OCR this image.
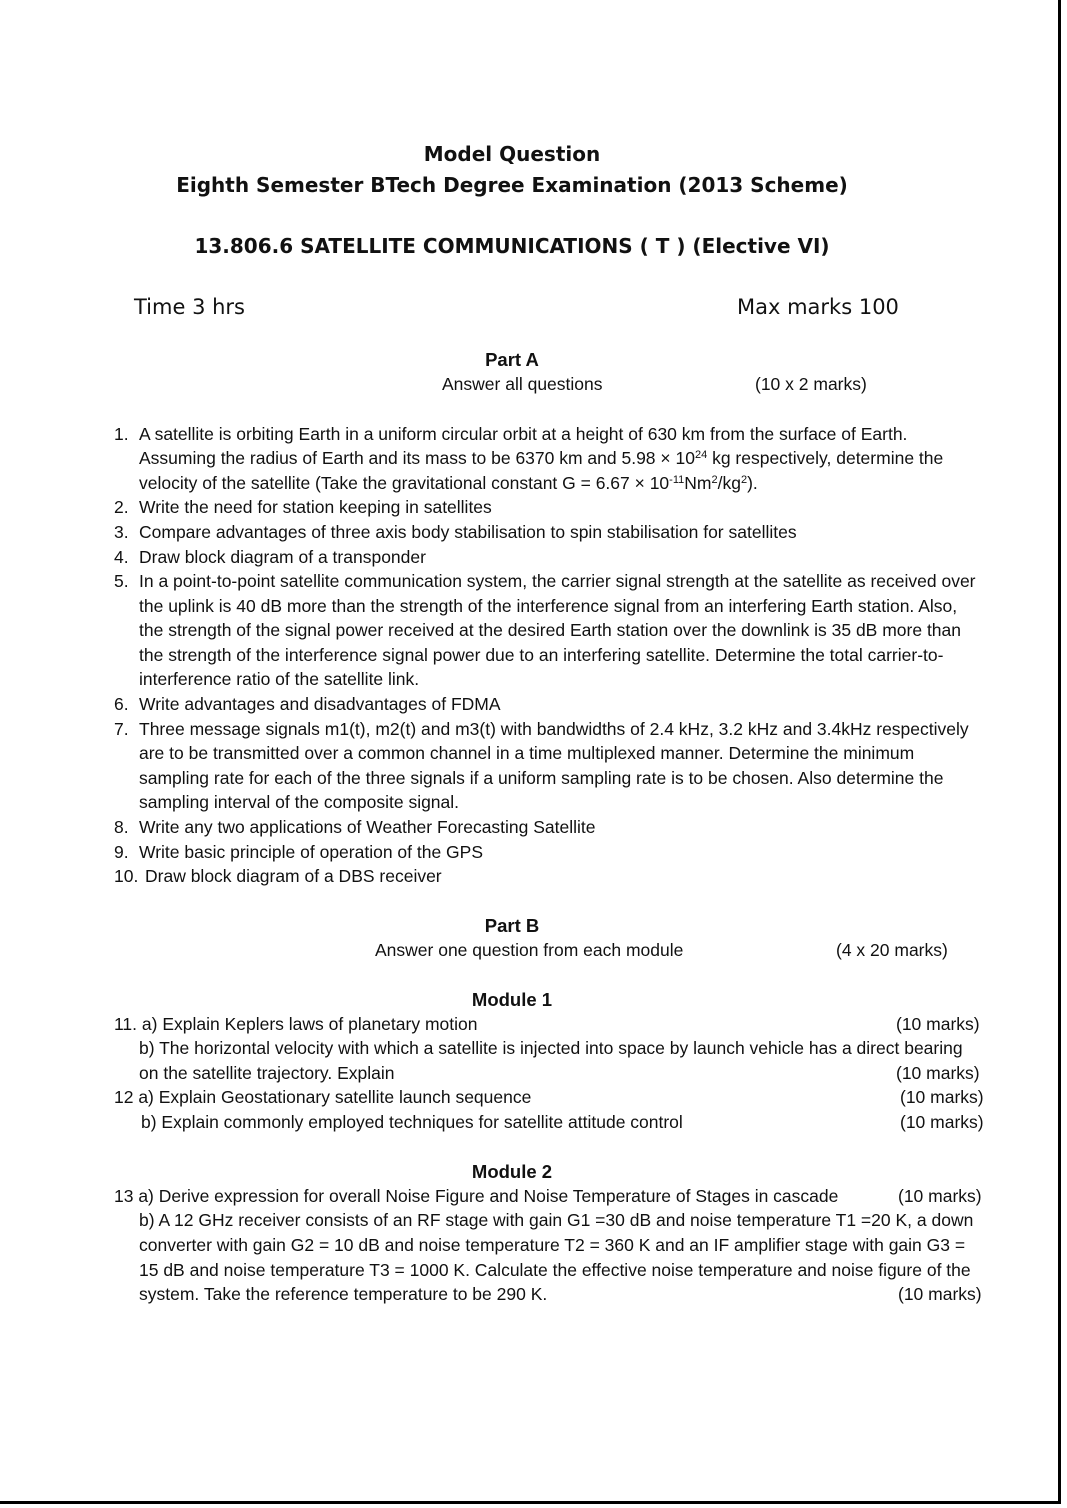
Model Question
Eighth Semester BTech Degree Examination (2013 Scheme)
13.806.6 SATELLITE COMMUNICATIONS ( T ) (Elective VI)
Time 3 hrs	Max marks 100
Part A
Answer all questions	(10 x 2 marks)
1. A satellite is orbiting Earth in a uniform circular orbit at a height of 630 km from the surface of Earth.
Assuming the radius of Earth and its mass to be 6370 km and $5.98 \times 10^{24}$ kg respectively, determine the
velocity of the satellite (Take the gravitational constant $G = 6.67 \times 10^{-11}Nm^2/kg^2$).
2. Write the need for station keeping in satellites
3. Compare advantages of three axis body stabilisation to spin stabilisation for satellites
4. Draw block diagram of a transponder
5. In a point-to-point satellite communication system, the carrier signal strength at the satellite as received over
the uplink is 40 dB more than the strength of the interference signal from an interfering Earth station. Also,
the strength of the signal power received at the desired Earth station over the downlink is 35 dB more than
the strength of the interference signal power due to an interfering satellite. Determine the total carrier-to-
interference ratio of the satellite link.
6. Write advantages and disadvantages of FDMA
7. Three message signals m1(t), m2(t) and m3(t) with bandwidths of 2.4 kHz, 3.2 kHz and 3.4kHz respectively
are to be transmitted over a common channel in a time multiplexed manner. Determine the minimum
sampling rate for each of the three signals if a uniform sampling rate is to be chosen. Also determine the
sampling interval of the composite signal.
8. Write any two applications of Weather Forecasting Satellite
9. Write basic principle of operation of the GPS
10. Draw block diagram of a DBS receiver
Part B
Answer one question from each module	(4 x 20 marks)
Module 1
11. a) Explain Keplers laws of planetary motion	(10 marks)
b) The horizontal velocity with which a satellite is injected into space by launch vehicle has a direct bearing
on the satellite trajectory. Explain	(10 marks)
12 a) Explain Geostationary satellite launch sequence	(10 marks)
b) Explain commonly employed techniques for satellite attitude control	(10 marks)
Module 2
13 a) Derive expression for overall Noise Figure and Noise Temperature of Stages in cascade	(10 marks)
b) A 12 GHz receiver consists of an RF stage with gain G1 =30 dB and noise temperature T1 =20 K, a down
converter with gain G2 = 10 dB and noise temperature T2 = 360 K and an IF amplifier stage with gain G3 =
15 dB and noise temperature T3 = 1000 K. Calculate the effective noise temperature and noise figure of the
system. Take the reference temperature to be 290 K.	(10 marks)
